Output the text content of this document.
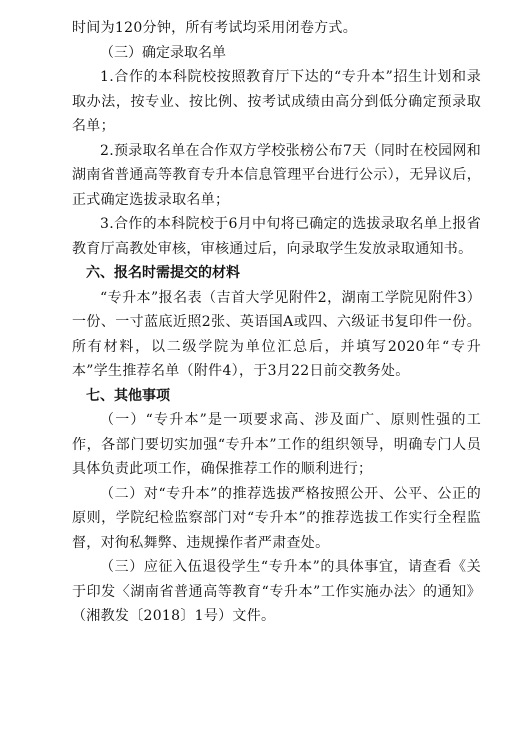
时间为120分钟，所有考试均采用闭卷方式。

（三）确定录取名单

1.合作的本科院校按照教育厅下达的“专升本”招生计划和录取办法，按专业、按比例、按考试成绩由高分到低分确定预录取名单；

2.预录取名单在合作双方学校张榜公布7天（同时在校园网和湖南省普通高等教育专升本信息管理平台进行公示），无异议后，正式确定选拔录取名单；

3.合作的本科院校于6月中旬将已确定的选拔录取名单上报省教育厅高教处审核，审核通过后，向录取学生发放录取通知书。

六、报名时需提交的材料

“专升本”报名表（吉首大学见附件2，湖南工学院见附件3）一份、一寸蓝底近照2张、英语国A或四、六级证书复印件一份。所有材料，以二级学院为单位汇总后，并填写2020年“专升本”学生推荐名单（附件4），于3月22日前交教务处。

七、其他事项

（一）“专升本”是一项要求高、涉及面广、原则性强的工作，各部门要切实加强“专升本”工作的组织领导，明确专门人员具体负责此项工作，确保推荐工作的顺利进行；

（二）对“专升本”的推荐选拔严格按照公开、公平、公正的原则，学院纪检监察部门对“专升本”的推荐选拔工作实行全程监督，对徇私舞弊、违规操作者严肃查处。

（三）应征入伍退役学生“专升本”的具体事宜，请查看《关于印发〈湖南省普通高等教育“专升本”工作实施办法〉的通知》（湘教发〔2018〕1号）文件。
